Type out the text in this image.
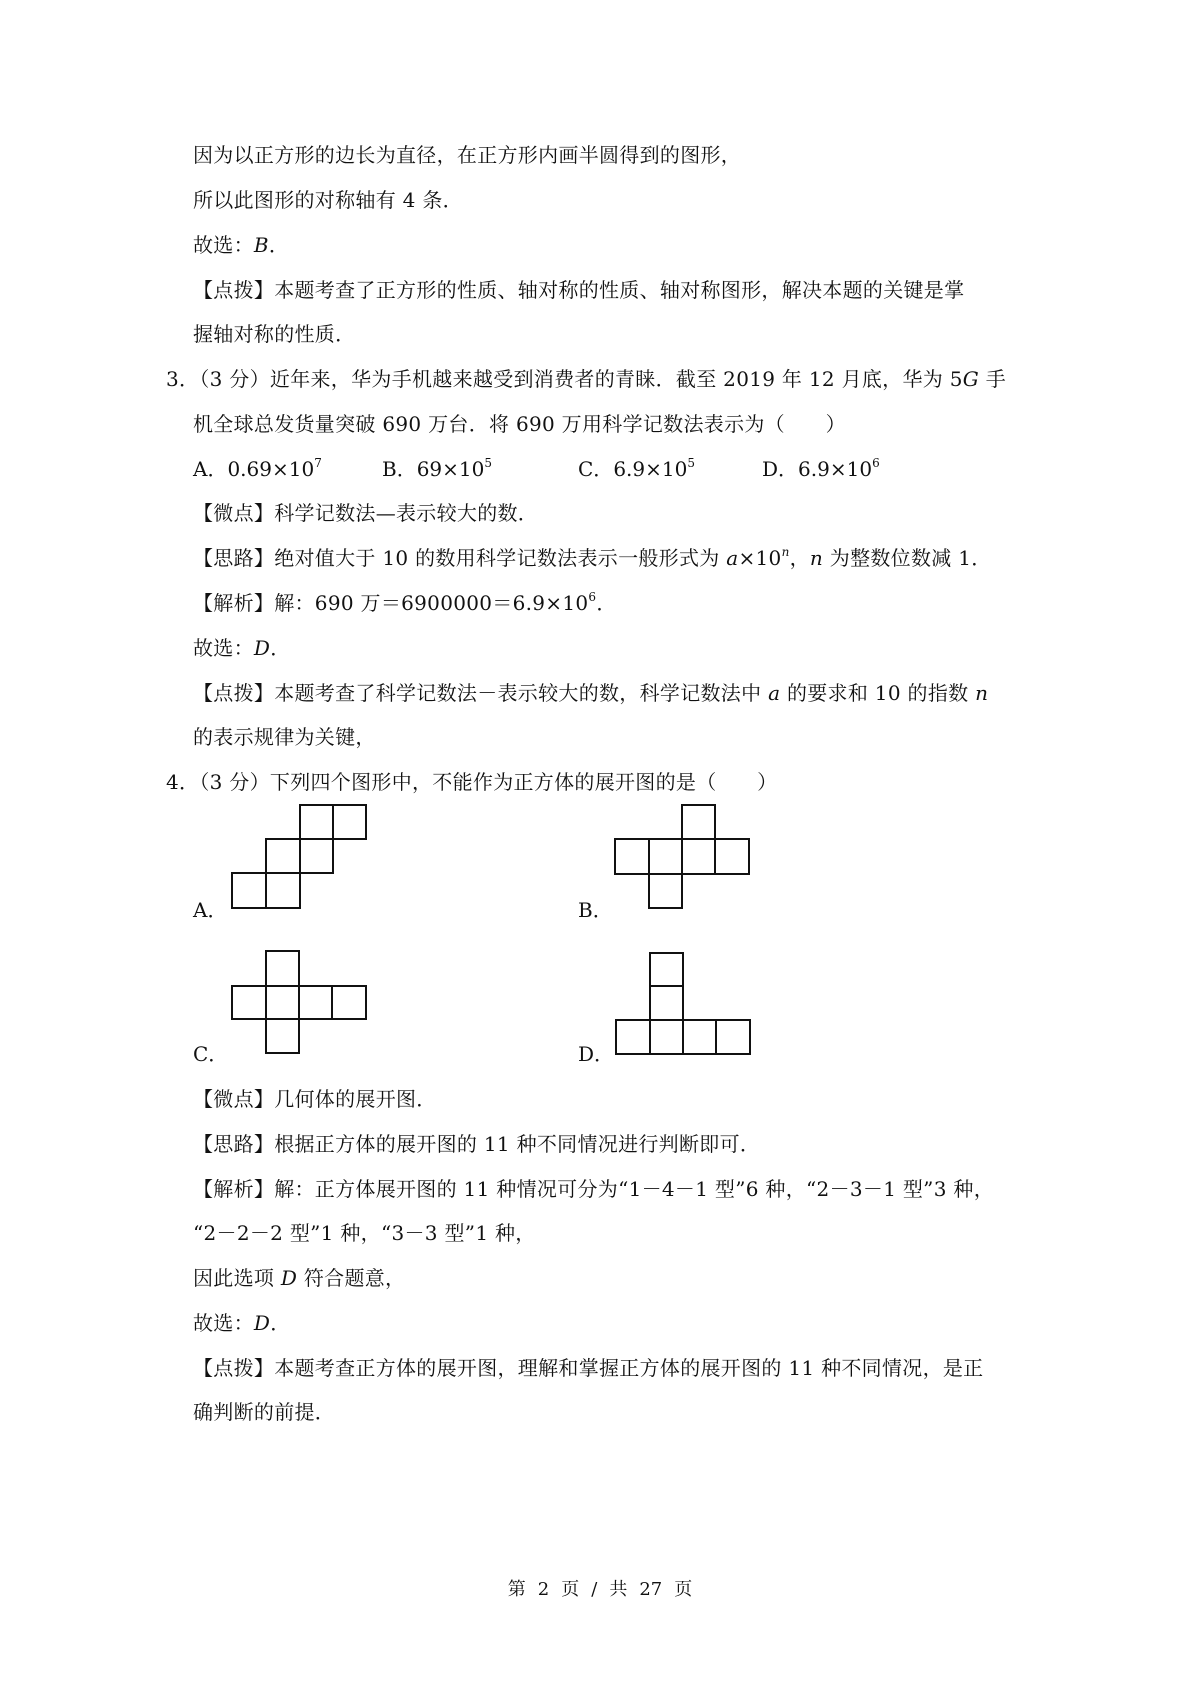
因为以正方形的边长为直径，在正方形内画半圆得到的图形，
所以此图形的对称轴有 4 条．
故选：B．
【点拨】本题考查了正方形的性质、轴对称的性质、轴对称图形，解决本题的关键是掌
握轴对称的性质．
3．（3 分）近年来，华为手机越来越受到消费者的青睐．截至 2019 年 12 月底，华为 5G 手
机全球总发货量突破 690 万台．将 690 万用科学记数法表示为（　　）
A．$0.69\times 10^7$	B．$69\times 10^5$	C．$6.9\times 10^5$	D．$6.9\times 10^6$
【微点】科学记数法—表示较大的数．
【思路】绝对值大于 10 的数用科学记数法表示一般形式为 $a\times 10^n$，n 为整数位数减 1．
【解析】解：690 万$=6900000=6.9\times 10^6$．
故选：D．
【点拨】本题考查了科学记数法－表示较大的数，科学记数法中 a 的要求和 10 的指数 n
的表示规律为关键，
4．（3 分）下列四个图形中，不能作为正方体的展开图的是（　　）
A．	B．
C．	D．
【微点】几何体的展开图．
【思路】根据正方体的展开图的 11 种不同情况进行判断即可．
【解析】解：正方体展开图的 11 种情况可分为“1－4－1 型”6 种，“2－3－1 型”3 种，
“2－2－2 型”1 种，“3－3 型”1 种，
因此选项 D 符合题意，
故选：D．
【点拨】本题考查正方体的展开图，理解和掌握正方体的展开图的 11 种不同情况，是正
确判断的前提．
第 2 页 / 共 27 页
